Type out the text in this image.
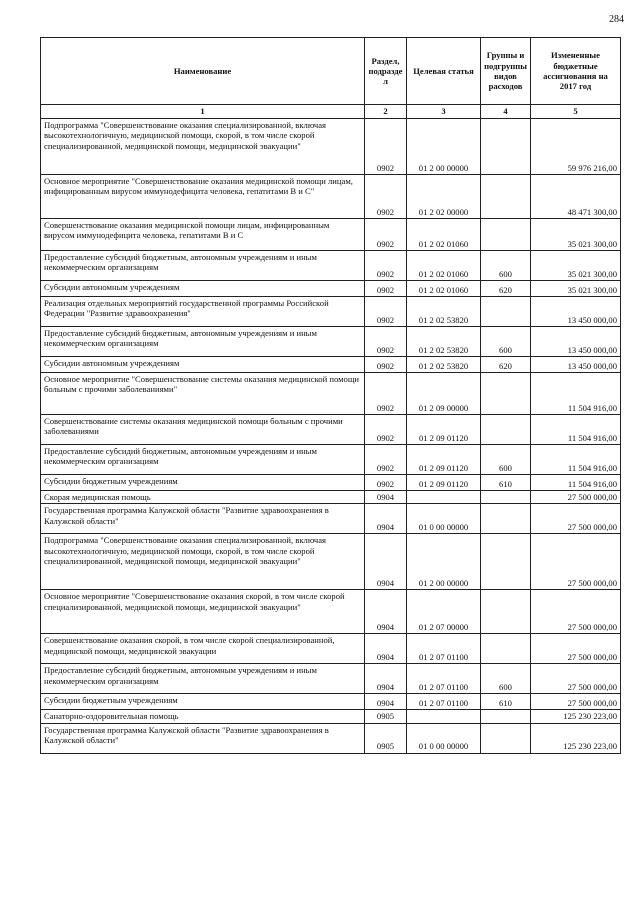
284
Наименование	Раздел, подразде л	Целевая статья	Группы и подгруппы видов расходов	Измененные бюджетные ассигнования на 2017 год
1	2	3	4	5
Подпрограмма "Совершенствование оказания специализированной, включая высокотехнологичную, медицинской помощи, скорой, в том числе скорой специализированной, медицинской помощи, медицинской эвакуации"	0902	01 2 00 00000		59 976 216,00
Основное мероприятие "Совершенствование оказания медицинской помощи лицам, инфицированным вирусом иммунодефицита человека, гепатитами В и С"	0902	01 2 02 00000		48 471 300,00
Совершенствование оказания медицинской помощи лицам, инфицированным вирусом иммунодефицита человека, гепатитами В и С	0902	01 2 02 01060		35 021 300,00
Предоставление субсидий бюджетным, автономным учреждениям и иным некоммерческим организациям	0902	01 2 02 01060	600	35 021 300,00
Субсидии автономным учреждениям	0902	01 2 02 01060	620	35 021 300,00
Реализация отдельных мероприятий государственной программы Российской Федерации "Развитие здравоохранения"	0902	01 2 02 53820		13 450 000,00
Предоставление субсидий бюджетным, автономным учреждениям и иным некоммерческим организациям	0902	01 2 02 53820	600	13 450 000,00
Субсидии автономным учреждениям	0902	01 2 02 53820	620	13 450 000,00
Основное мероприятие "Совершенствование системы оказания медицинской помощи больным с прочими заболеваниями"	0902	01 2 09 00000		11 504 916,00
Совершенствование системы оказания медицинской помощи больным с прочими заболеваниями	0902	01 2 09 01120		11 504 916,00
Предоставление субсидий бюджетным, автономным учреждениям и иным некоммерческим организациям	0902	01 2 09 01120	600	11 504 916,00
Субсидии бюджетным учреждениям	0902	01 2 09 01120	610	11 504 916,00
Скорая медицинская помощь	0904			27 500 000,00
Государственная программа Калужской области "Развитие здравоохранения в Калужской области"	0904	01 0 00 00000		27 500 000,00
Подпрограмма "Совершенствование оказания специализированной, включая высокотехнологичную, медицинской помощи, скорой, в том числе скорой специализированной, медицинской помощи, медицинской эвакуации"	0904	01 2 00 00000		27 500 000,00
Основное мероприятие "Совершенствование оказания скорой, в том числе скорой специализированной, медицинской помощи, медицинской эвакуации"	0904	01 2 07 00000		27 500 000,00
Совершенствование оказания скорой, в том числе скорой специализированной, медицинской помощи, медицинской эвакуации	0904	01 2 07 01100		27 500 000,00
Предоставление субсидий бюджетным, автономным учреждениям и иным некоммерческим организациям	0904	01 2 07 01100	600	27 500 000,00
Субсидии бюджетным учреждениям	0904	01 2 07 01100	610	27 500 000,00
Санаторно-оздоровительная помощь	0905			125 230 223,00
Государственная программа Калужской области "Развитие здравоохранения в Калужской области"	0905	01 0 00 00000		125 230 223,00
